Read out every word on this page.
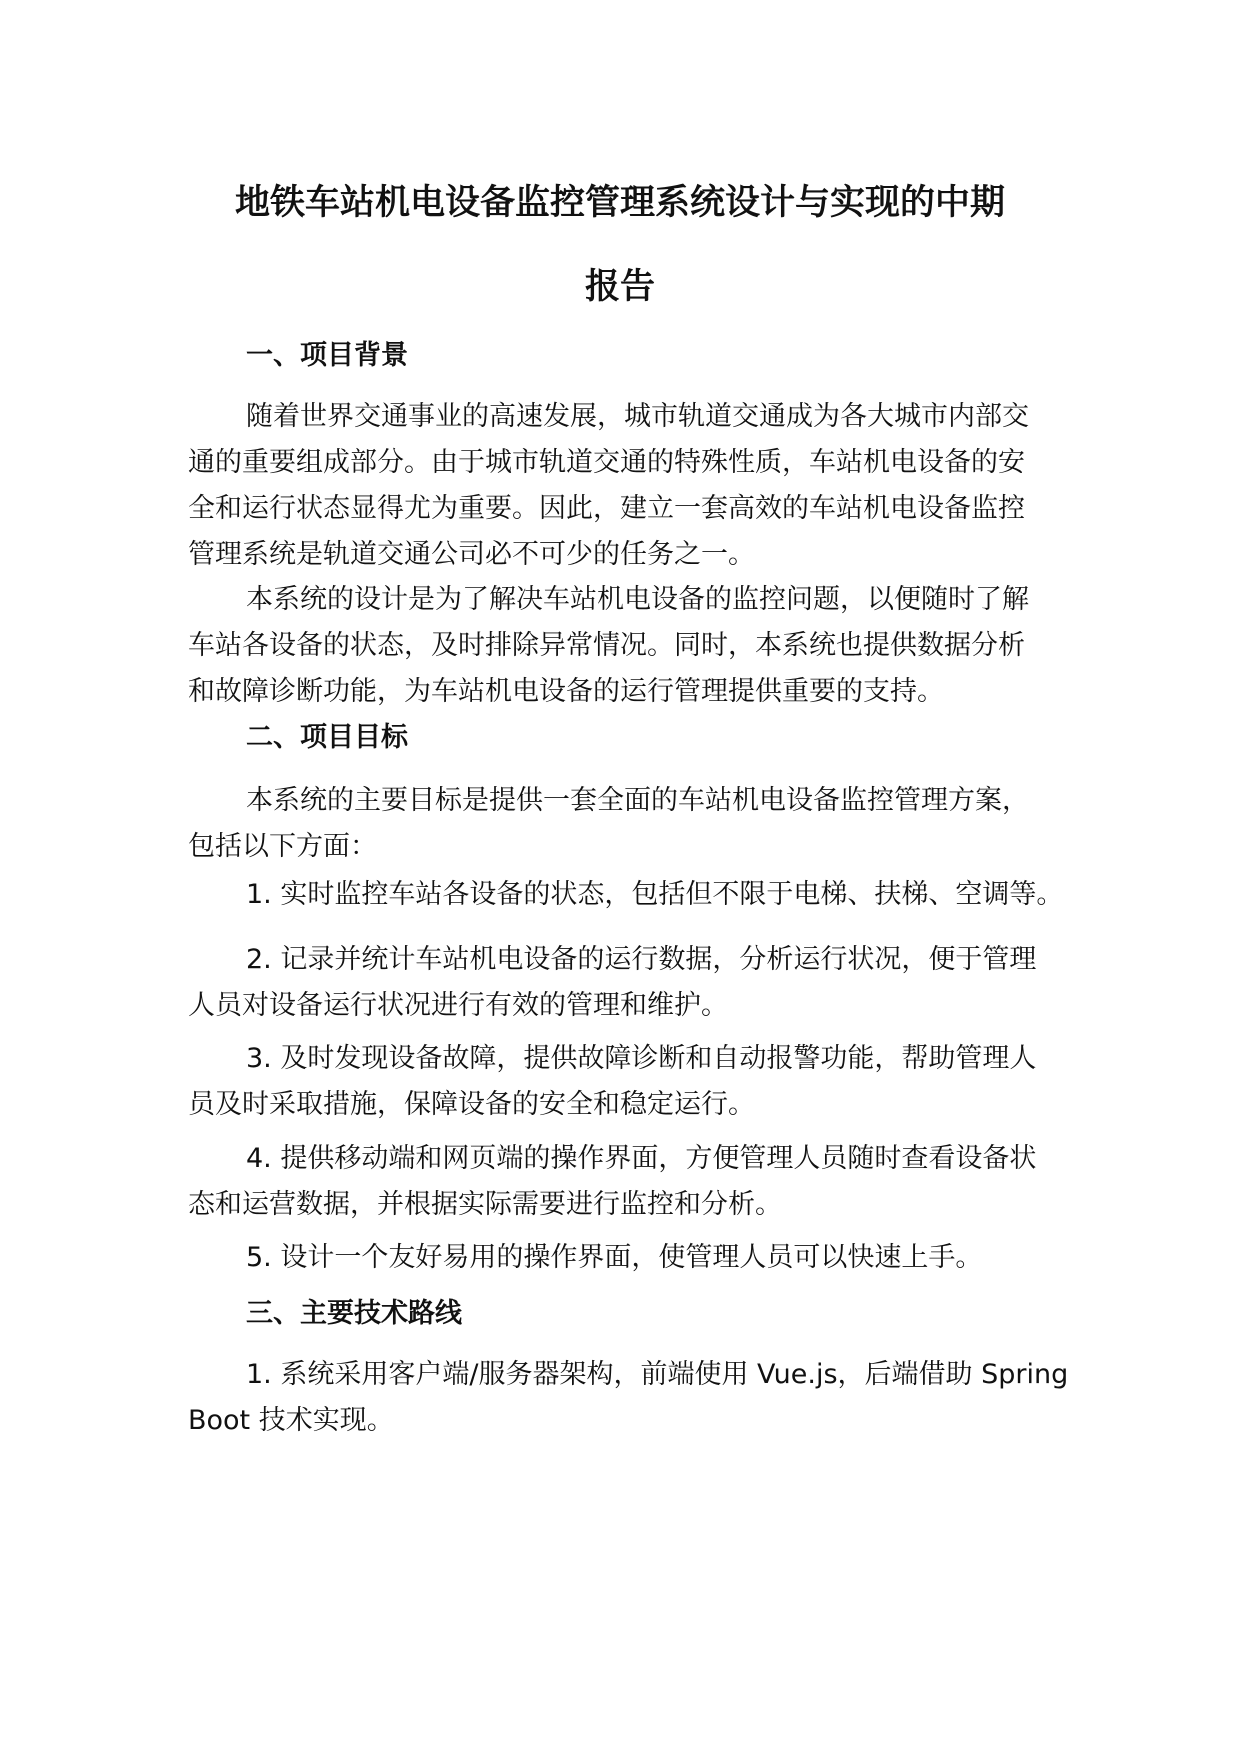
地铁车站机电设备监控管理系统设计与实现的中期
报告
一、项目背景

随着世界交通事业的高速发展，城市轨道交通成为各大城市内部交
通的重要组成部分。由于城市轨道交通的特殊性质，车站机电设备的安
全和运行状态显得尤为重要。因此，建立一套高效的车站机电设备监控
管理系统是轨道交通公司必不可少的任务之一。

本系统的设计是为了解决车站机电设备的监控问题，以便随时了解
车站各设备的状态，及时排除异常情况。同时，本系统也提供数据分析
和故障诊断功能，为车站机电设备的运行管理提供重要的支持。

二、项目目标

本系统的主要目标是提供一套全面的车站机电设备监控管理方案，
包括以下方面：

1. 实时监控车站各设备的状态，包括但不限于电梯、扶梯、空调等。

2. 记录并统计车站机电设备的运行数据，分析运行状况，便于管理
人员对设备运行状况进行有效的管理和维护。

3. 及时发现设备故障，提供故障诊断和自动报警功能，帮助管理人
员及时采取措施，保障设备的安全和稳定运行。

4. 提供移动端和网页端的操作界面，方便管理人员随时查看设备状
态和运营数据，并根据实际需要进行监控和分析。

5. 设计一个友好易用的操作界面，使管理人员可以快速上手。

三、主要技术路线

1. 系统采用客户端/服务器架构，前端使用 Vue.js，后端借助 Spring
Boot 技术实现。
